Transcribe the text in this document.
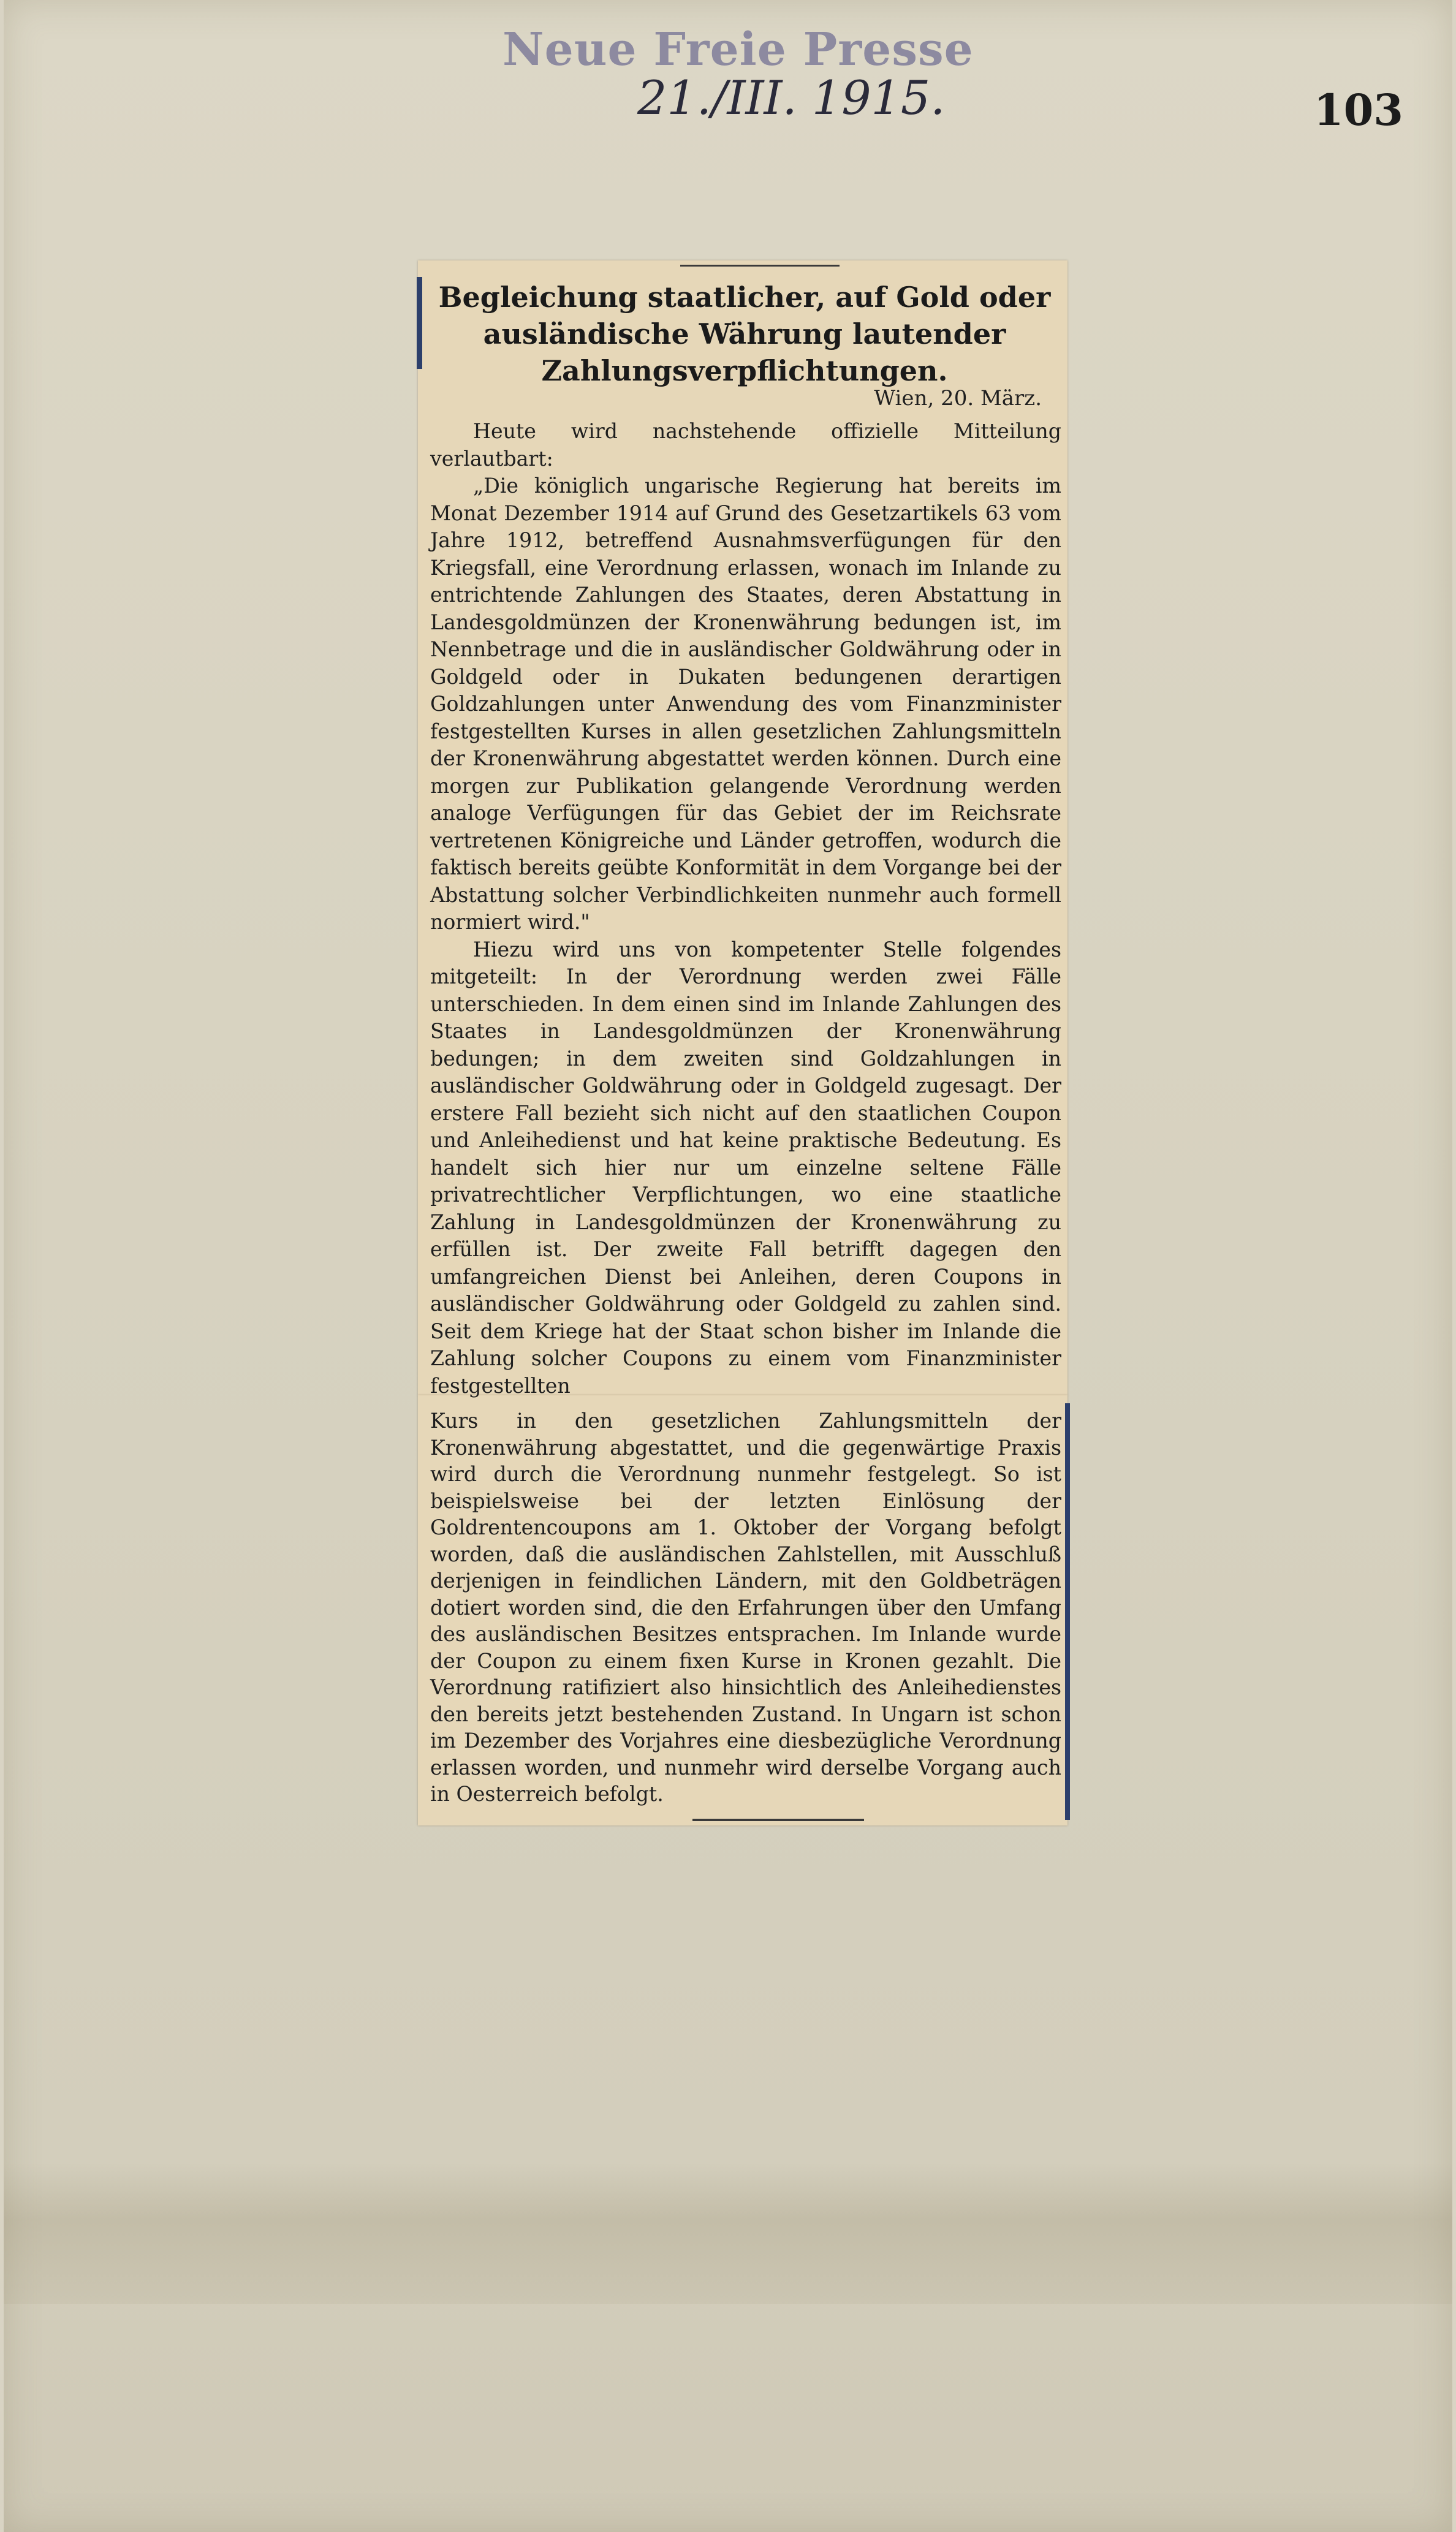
Neue Freie Presse
21./III. 1915.	103
Begleichung staatlicher, auf Gold oder ausländische Währung lautender Zahlungsverpflichtungen.
Wien, 20. März.

Heute wird nachstehende offizielle Mitteilung verlautbart:

„Die königlich ungarische Regierung hat bereits im Monat Dezember 1914 auf Grund des Gesetzartikels 63 vom Jahre 1912, betreffend Ausnahmsverfügungen für den Kriegsfall, eine Verordnung erlassen, wonach im Inlande zu entrichtende Zahlungen des Staates, deren Abstattung in Landesgoldmünzen der Kronenwährung bedungen ist, im Nennbetrage und die in ausländischer Goldwährung oder in Goldgeld oder in Dukaten bedungenen derartigen Goldzahlungen unter Anwendung des vom Finanzminister festgestellten Kurses in allen gesetzlichen Zahlungsmitteln der Kronenwährung abgestattet werden können. Durch eine morgen zur Publikation gelangende Verordnung werden analoge Verfügungen für das Gebiet der im Reichsrate vertretenen Königreiche und Länder getroffen, wodurch die faktisch bereits geübte Konformität in dem Vorgange bei der Abstattung solcher Verbindlichkeiten nunmehr auch formell normiert wird."

Hiezu wird uns von kompetenter Stelle folgendes mitgeteilt: In der Verordnung werden zwei Fälle unterschieden. In dem einen sind im Inlande Zahlungen des Staates in Landesgoldmünzen der Kronenwährung bedungen; in dem zweiten sind Goldzahlungen in ausländischer Goldwährung oder in Goldgeld zugesagt. Der erstere Fall bezieht sich nicht auf den staatlichen Coupon und Anleihedienst und hat keine praktische Bedeutung. Es handelt sich hier nur um einzelne seltene Fälle privatrechtlicher Verpflichtungen, wo eine staatliche Zahlung in Landesgoldmünzen der Kronenwährung zu erfüllen ist. Der zweite Fall betrifft dagegen den umfangreichen Dienst bei Anleihen, deren Coupons in ausländischer Goldwährung oder Goldgeld zu zahlen sind. Seit dem Kriege hat der Staat schon bisher im Inlande die Zahlung solcher Coupons zu einem vom Finanzminister festgestellten

Kurs in den gesetzlichen Zahlungsmitteln der Kronenwährung abgestattet, und die gegenwärtige Praxis wird durch die Verordnung nunmehr festgelegt. So ist beispielsweise bei der letzten Einlösung der Goldrentencoupons am 1. Oktober der Vorgang befolgt worden, daß die ausländischen Zahlstellen, mit Ausschluß derjenigen in feindlichen Ländern, mit den Goldbeträgen dotiert worden sind, die den Erfahrungen über den Umfang des ausländischen Besitzes entsprachen. Im Inlande wurde der Coupon zu einem fixen Kurse in Kronen gezahlt. Die Verordnung ratifiziert also hinsichtlich des Anleihedienstes den bereits jetzt bestehenden Zustand. In Ungarn ist schon im Dezember des Vorjahres eine diesbezügliche Verordnung erlassen worden, und nunmehr wird derselbe Vorgang auch in Oesterreich befolgt.
